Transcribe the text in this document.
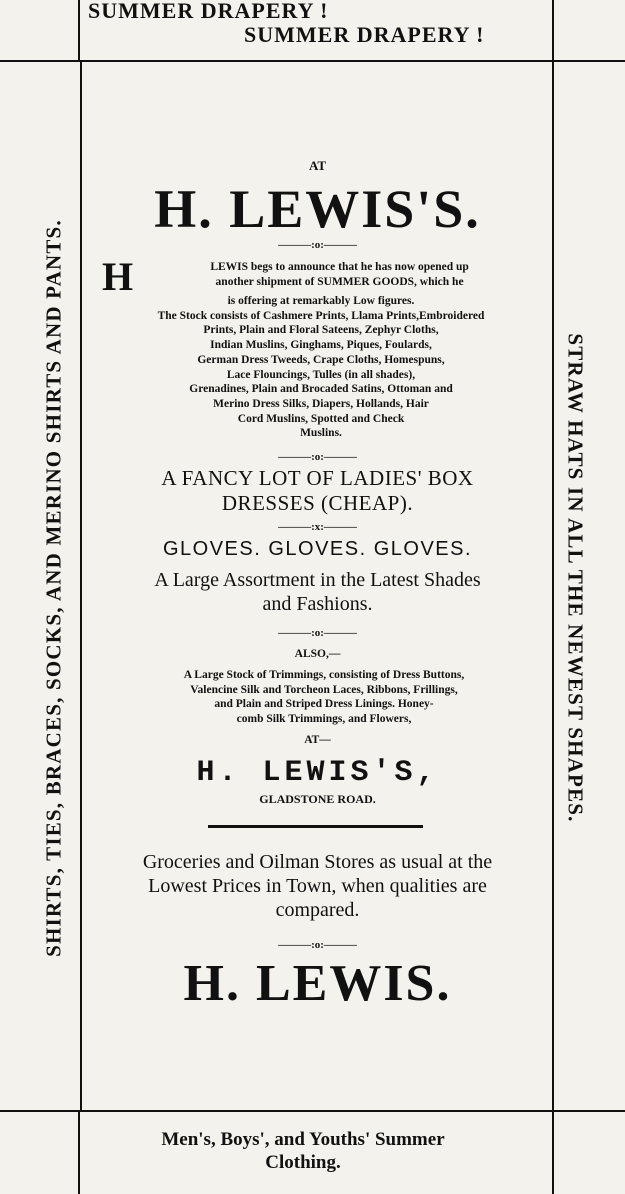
SUMMER DRAPERY !
SUMMER DRAPERY !
SHIRTS, TIES, BRACES, SOCKS, AND MERINO SHIRTS AND PANTS.	STRAW HATS IN ALL THE NEWEST SHAPES.
AT
H. LEWIS'S.
———:o:———
H	LEWIS begs to announce that he has now opened up
another shipment of SUMMER GOODS, which he
is offering at remarkably Low figures.
The Stock consists of Cashmere Prints, Llama Prints,Embroidered
Prints, Plain and Floral Sateens, Zephyr Cloths,
Indian Muslins, Ginghams, Piques, Foulards,
German Dress Tweeds, Crape Cloths, Homespuns,
Lace Flouncings, Tulles (in all shades),
Grenadines, Plain and Brocaded Satins, Ottoman and
Merino Dress Silks, Diapers, Hollands, Hair
Cord Muslins, Spotted and Check
Muslins.
———:o:———
A FANCY LOT OF LADIES' BOX
DRESSES (CHEAP).
———:x:———
GLOVES. GLOVES. GLOVES.
A Large Assortment in the Latest Shades
and Fashions.
———:o:———
ALSO,—
A Large Stock of Trimmings, consisting of Dress Buttons,
Valencine Silk and Torcheon Laces, Ribbons, Frillings,
and Plain and Striped Dress Linings. Honey-
comb Silk Trimmings, and Flowers,
AT—
H. LEWIS'S,
GLADSTONE ROAD.
Groceries and Oilman Stores as usual at the
Lowest Prices in Town, when qualities are
compared.
———:o:———
H. LEWIS.
Men's, Boys', and Youths' Summer
Clothing.
